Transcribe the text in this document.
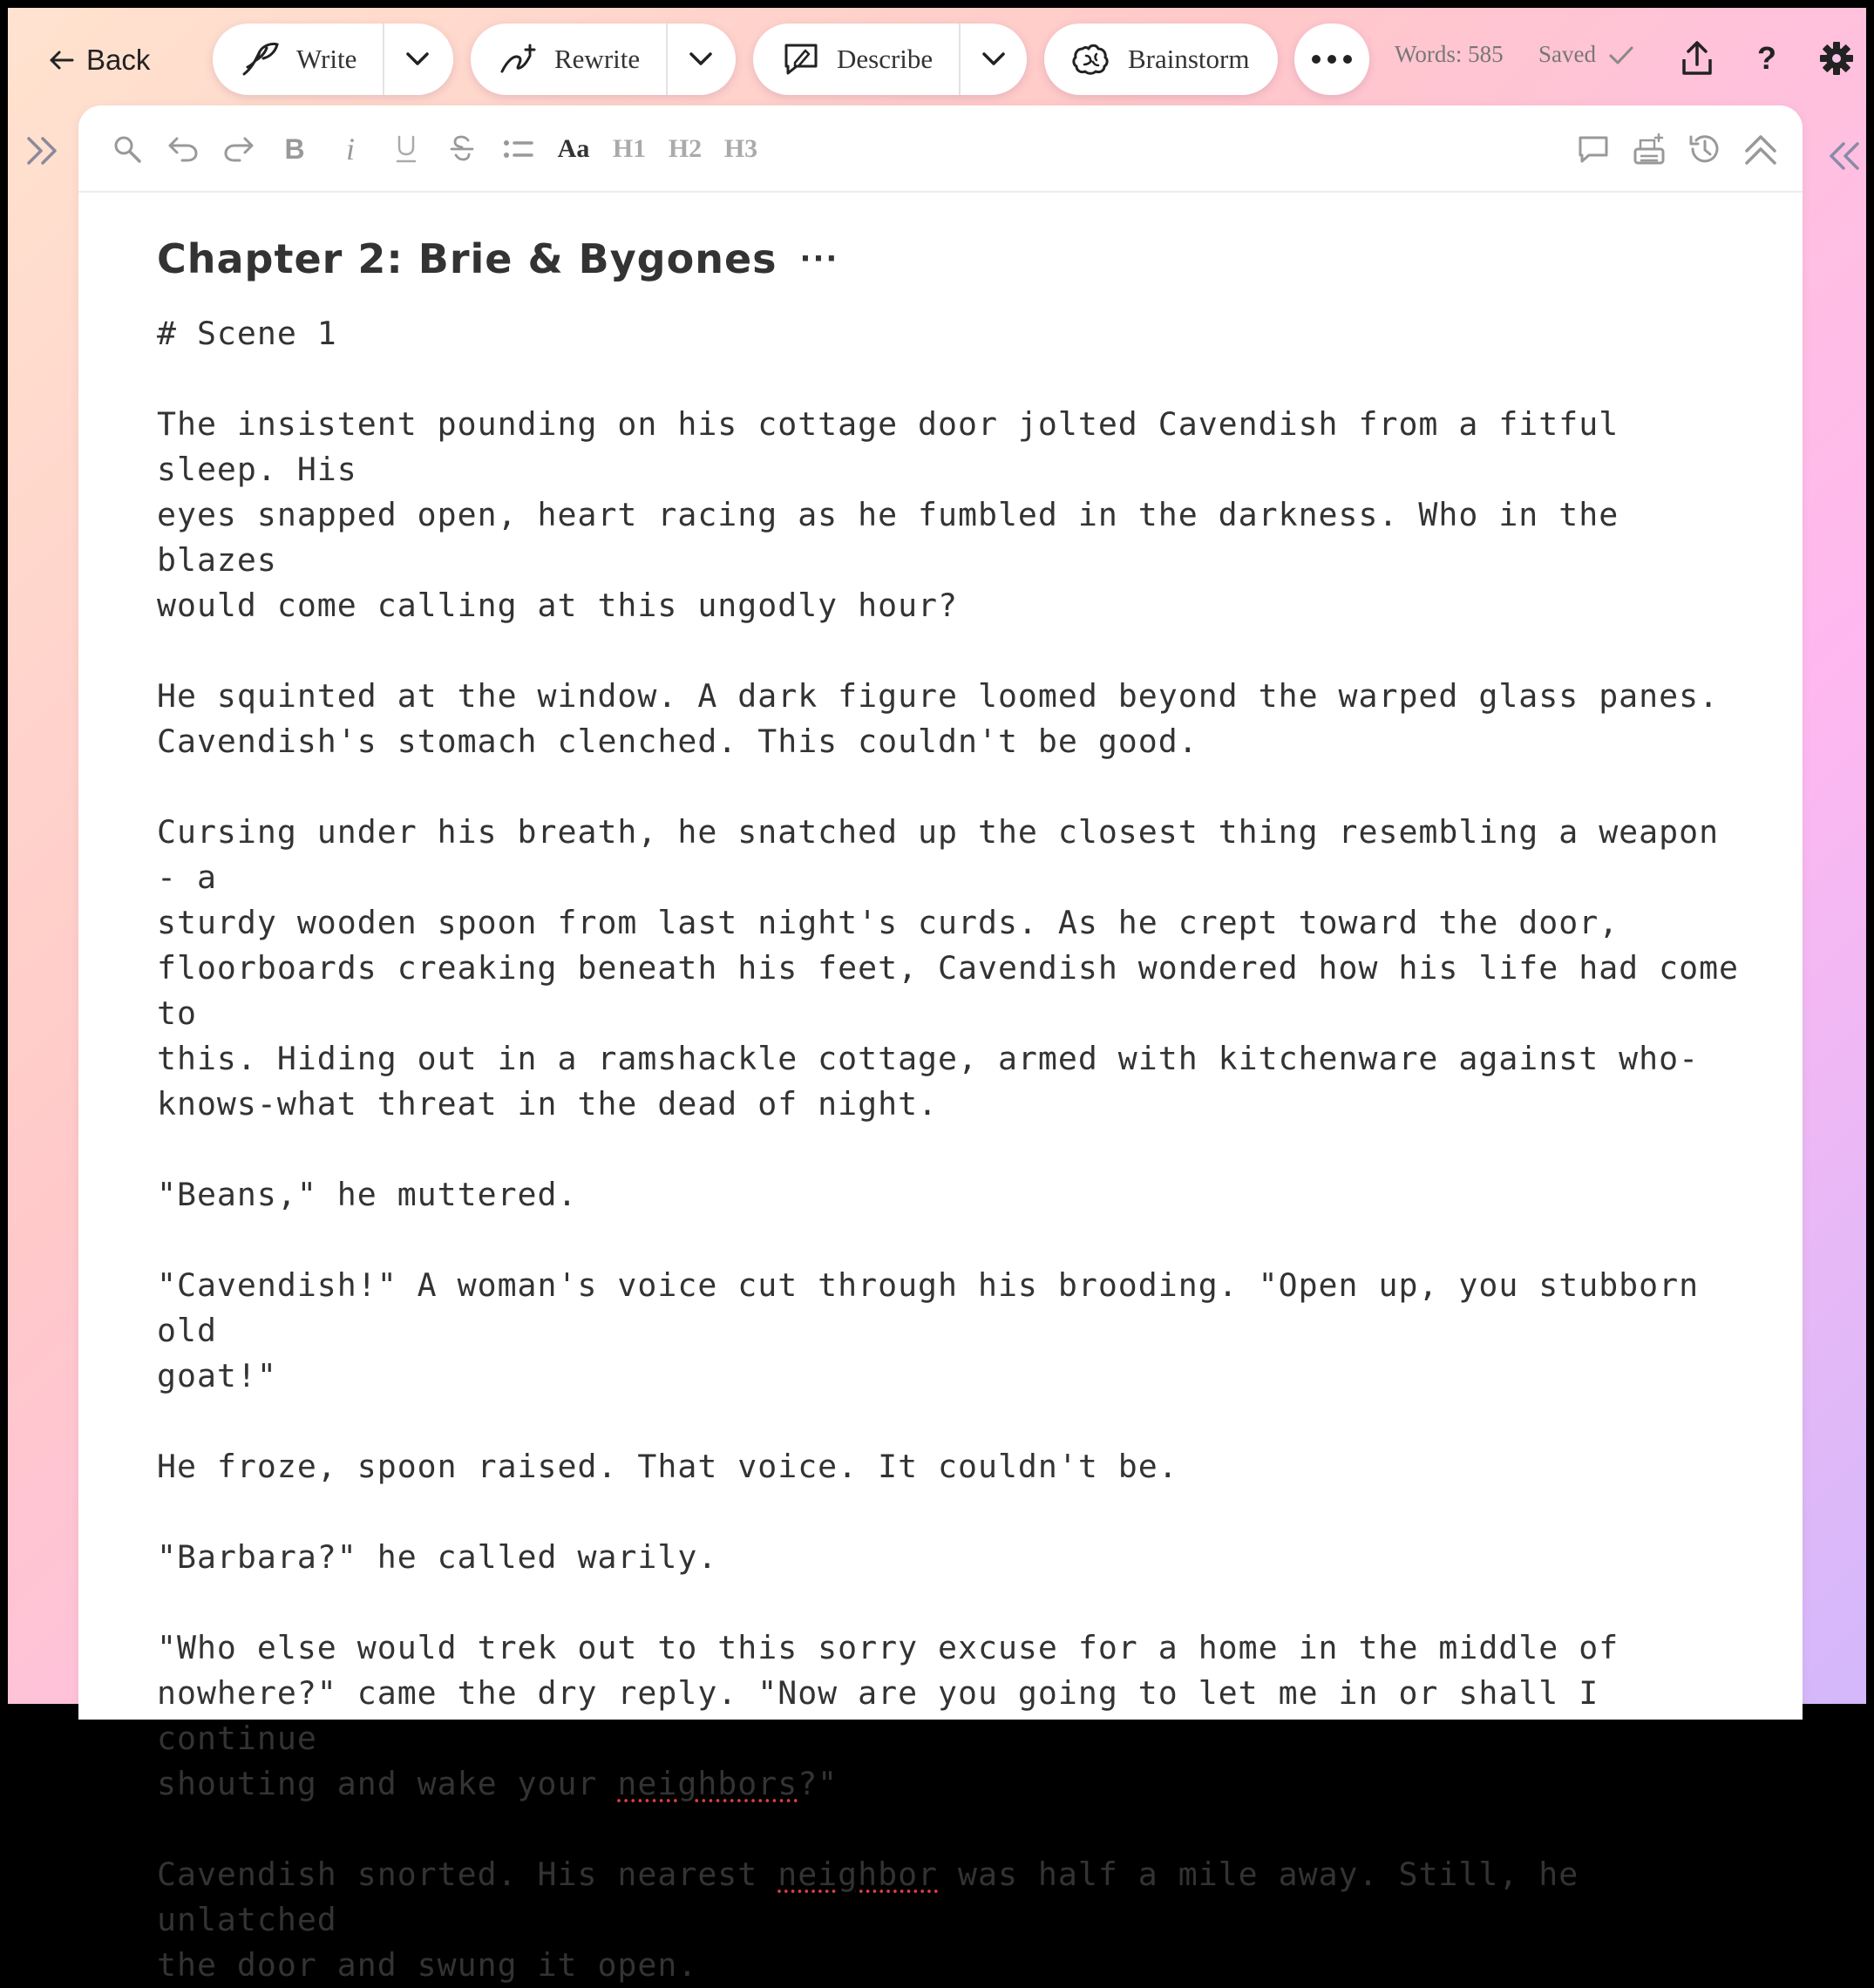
Back	Write	Rewrite	Describe	Brainstorm	Words: 585 Saved	?
B i	Aa H1 H2 H3
Chapter 2: Brie & Bygones ···

# Scene 1

The insistent pounding on his cottage door jolted Cavendish from a fitful sleep. His
eyes snapped open, heart racing as he fumbled in the darkness. Who in the blazes
would come calling at this ungodly hour?

He squinted at the window. A dark figure loomed beyond the warped glass panes.
Cavendish's stomach clenched. This couldn't be good.

Cursing under his breath, he snatched up the closest thing resembling a weapon - a
sturdy wooden spoon from last night's curds. As he crept toward the door,
floorboards creaking beneath his feet, Cavendish wondered how his life had come to
this. Hiding out in a ramshackle cottage, armed with kitchenware against who-
knows-what threat in the dead of night.

"Beans," he muttered.

"Cavendish!" A woman's voice cut through his brooding. "Open up, you stubborn old
goat!"

He froze, spoon raised. That voice. It couldn't be.

"Barbara?" he called warily.

"Who else would trek out to this sorry excuse for a home in the middle of
nowhere?" came the dry reply. "Now are you going to let me in or shall I continue
shouting and wake your neighbors?"

Cavendish snorted. His nearest neighbor was half a mile away. Still, he unlatched
the door and swung it open.
